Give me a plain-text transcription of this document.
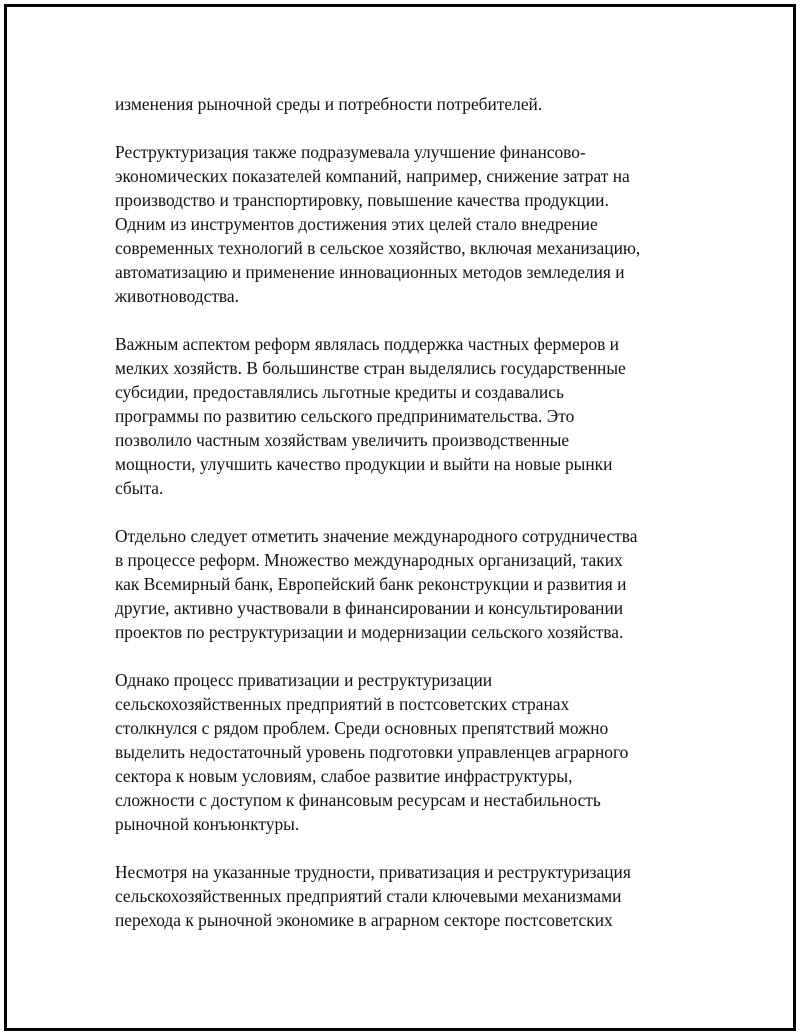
изменения рыночной среды и потребности потребителей.

Реструктуризация также подразумевала улучшение финансово-
экономических показателей компаний, например, снижение затрат на
производство и транспортировку, повышение качества продукции.
Одним из инструментов достижения этих целей стало внедрение
современных технологий в сельское хозяйство, включая механизацию,
автоматизацию и применение инновационных методов земледелия и
животноводства.

Важным аспектом реформ являлась поддержка частных фермеров и
мелких хозяйств. В большинстве стран выделялись государственные
субсидии, предоставлялись льготные кредиты и создавались
программы по развитию сельского предпринимательства. Это
позволило частным хозяйствам увеличить производственные
мощности, улучшить качество продукции и выйти на новые рынки
сбыта.

Отдельно следует отметить значение международного сотрудничества
в процессе реформ. Множество международных организаций, таких
как Всемирный банк, Европейский банк реконструкции и развития и
другие, активно участвовали в финансировании и консультировании
проектов по реструктуризации и модернизации сельского хозяйства.

Однако процесс приватизации и реструктуризации
сельскохозяйственных предприятий в постсоветских странах
столкнулся с рядом проблем. Среди основных препятствий можно
выделить недостаточный уровень подготовки управленцев аграрного
сектора к новым условиям, слабое развитие инфраструктуры,
сложности с доступом к финансовым ресурсам и нестабильность
рыночной конъюнктуры.

Несмотря на указанные трудности, приватизация и реструктуризация
сельскохозяйственных предприятий стали ключевыми механизмами
перехода к рыночной экономике в аграрном секторе постсоветских
